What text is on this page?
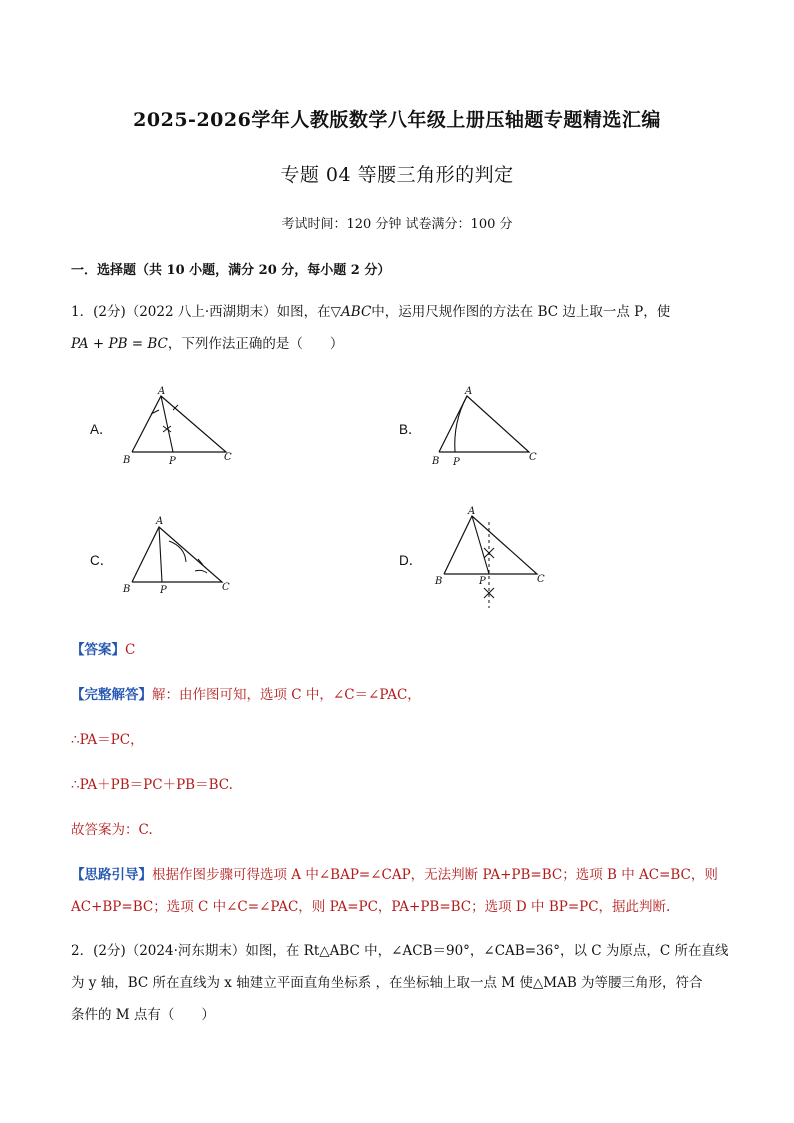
2025-2026学年人教版数学八年级上册压轴题专题精选汇编
专题 04 等腰三角形的判定
考试时间：120 分钟 试卷满分：100 分
一．选择题（共 10 小题，满分 20 分，每小题 2 分）
1．(2分)（2022 八上·西湖期末）如图，在▽ABC中，运用尺规作图的方法在 BC 边上取一点 P，使
PA + PB = BC，下列作法正确的是（　　）
A．
A
B	P	C
B．
A
B P	C
C．
A
B	P	C
D．
A
B	P	C
【答案】C
【完整解答】解：由作图可知，选项 C 中，∠C＝∠PAC，
∴PA＝PC，
∴PA＋PB＝PC＋PB＝BC.
故答案为：C.
【思路引导】根据作图步骤可得选项 A 中∠BAP=∠CAP，无法判断 PA+PB=BC；选项 B 中 AC=BC，则
AC+BP=BC；选项 C 中∠C=∠PAC，则 PA=PC，PA+PB=BC；选项 D 中 BP=PC，据此判断.
2．(2分)（2024·河东期末）如图，在 Rt△ABC 中，∠ACB＝90°，∠CAB=36°，以 C 为原点，C 所在直线
为 y 轴，BC 所在直线为 x 轴建立平面直角坐标系 ，在坐标轴上取一点 M 使△MAB 为等腰三角形，符合
条件的 M 点有（　　）
